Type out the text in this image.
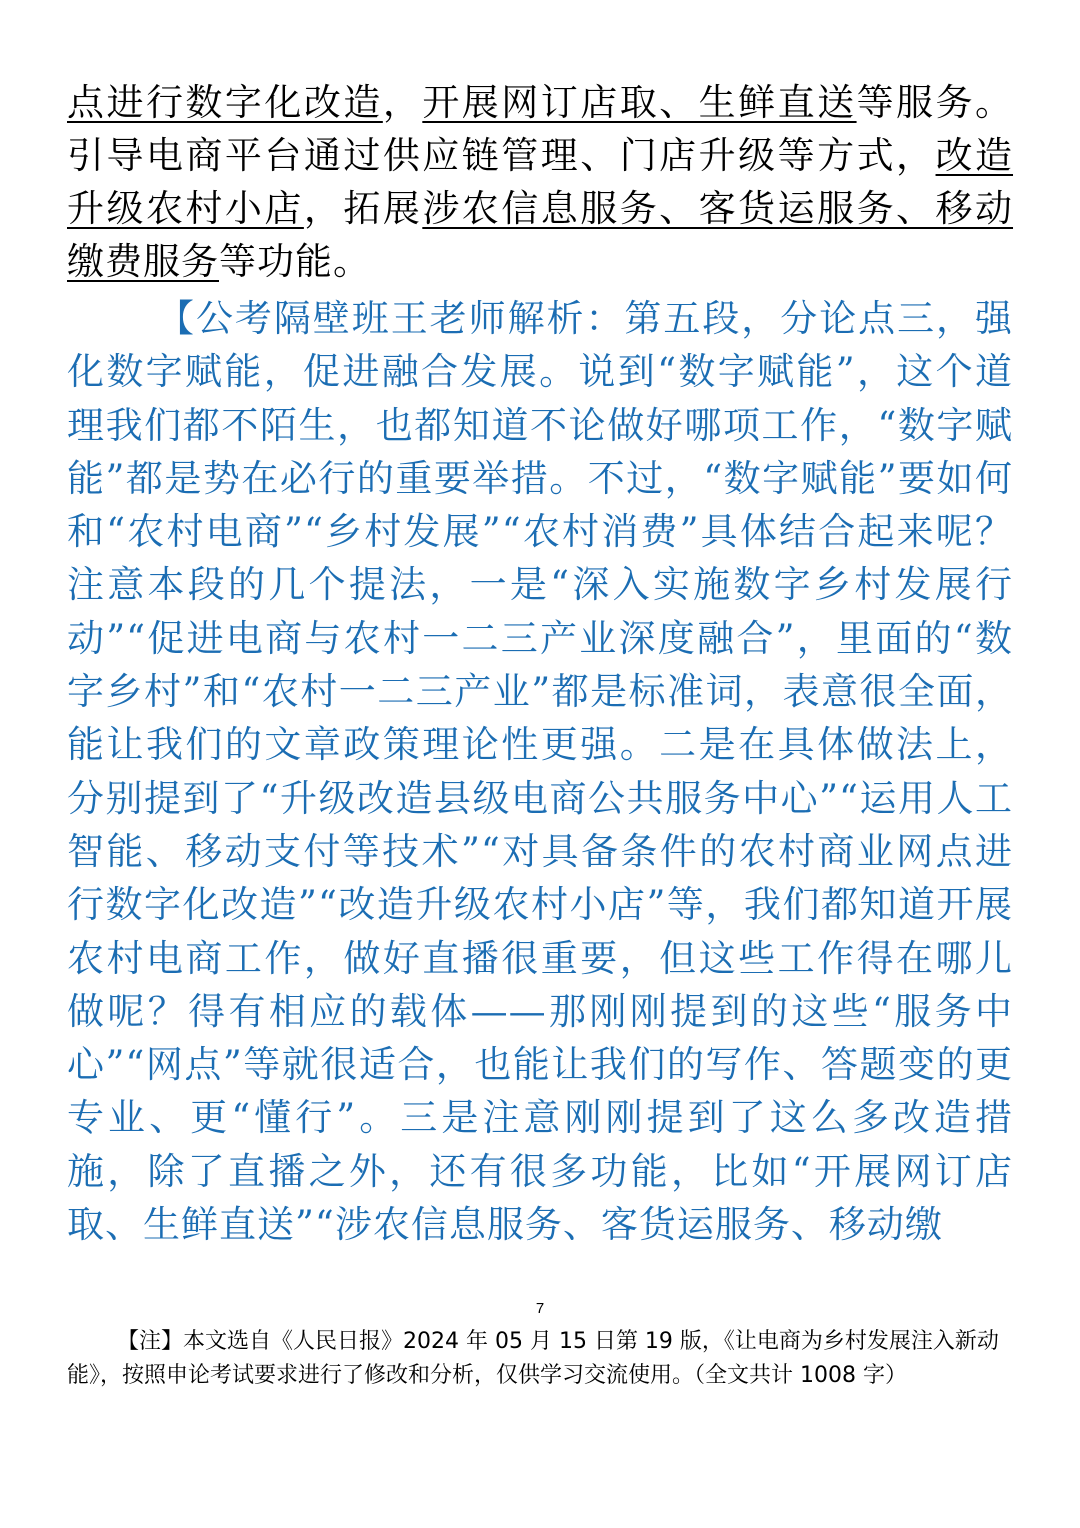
点进行数字化改造，开展网订店取、生鲜直送等服务。引导电商平台通过供应链管理、门店升级等方式，改造升级农村小店，拓展涉农信息服务、客货运服务、移动缴费服务等功能。

【公考隔壁班王老师解析：第五段，分论点三，强化数字赋能，促进融合发展。说到“数字赋能”，这个道理我们都不陌生，也都知道不论做好哪项工作，“数字赋能”都是势在必行的重要举措。不过，“数字赋能”要如何和“农村电商”“乡村发展”“农村消费”具体结合起来呢？注意本段的几个提法，一是“深入实施数字乡村发展行动”“促进电商与农村一二三产业深度融合”，里面的“数字乡村”和“农村一二三产业”都是标准词，表意很全面，能让我们的文章政策理论性更强。二是在具体做法上，分别提到了“升级改造县级电商公共服务中心”“运用人工智能、移动支付等技术”“对具备条件的农村商业网点进行数字化改造”“改造升级农村小店”等，我们都知道开展农村电商工作，做好直播很重要，但这些工作得在哪儿做呢？得有相应的载体——那刚刚提到的这些“服务中心”“网点”等就很适合，也能让我们的写作、答题变的更专业、更“懂行”。三是注意刚刚提到了这么多改造措施，除了直播之外，还有很多功能，比如“开展网订店取、生鲜直送”“涉农信息服务、客货运服务、移动缴

7

【注】本文选自《人民日报》2024 年 05 月 15 日第 19 版，《让电商为乡村发展注入新动能》，按照申论考试要求进行了修改和分析，仅供学习交流使用。（全文共计 1008 字）
